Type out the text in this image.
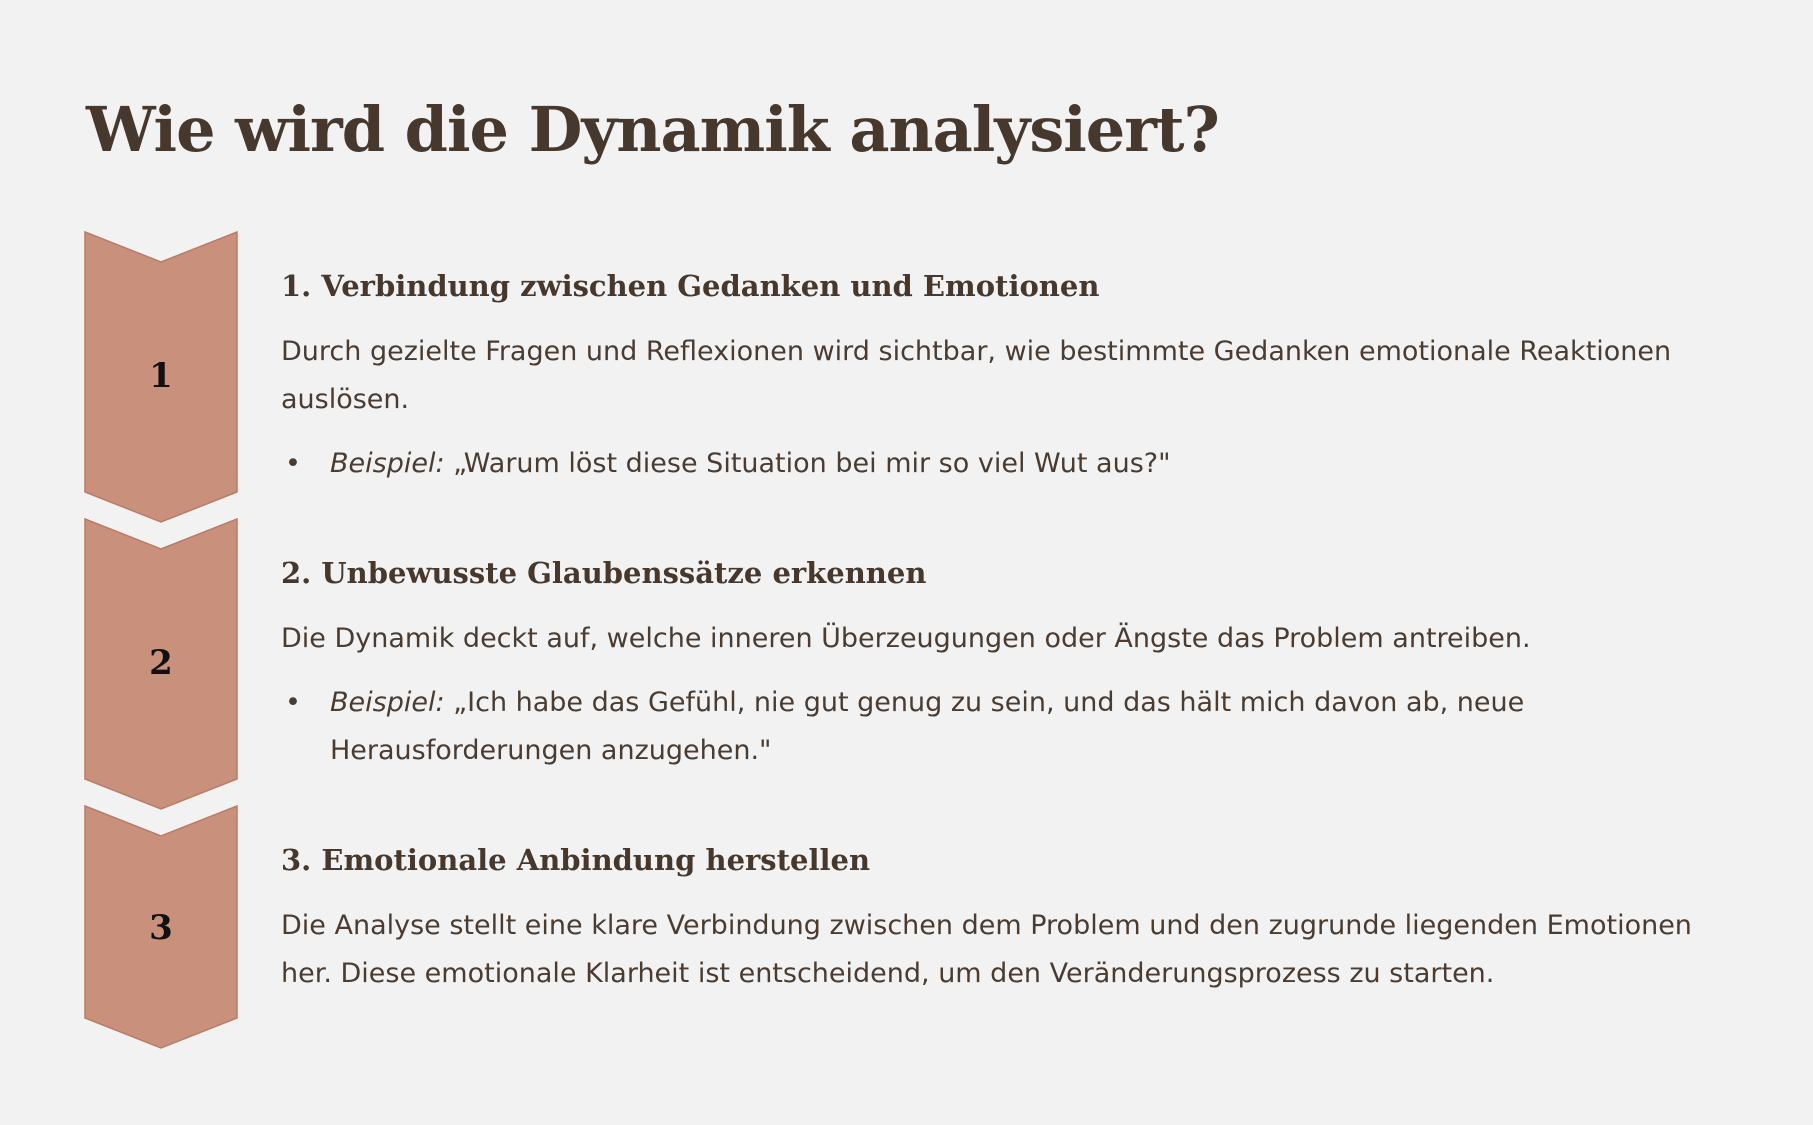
Wie wird die Dynamik analysiert?
1
2
3
1. Verbindung zwischen Gedanken und Emotionen

Durch gezielte Fragen und Reflexionen wird sichtbar, wie bestimmte Gedanken emotionale Reaktionen auslösen.

• Beispiel: „Warum löst diese Situation bei mir so viel Wut aus?"
2. Unbewusste Glaubenssätze erkennen

Die Dynamik deckt auf, welche inneren Überzeugungen oder Ängste das Problem antreiben.

• Beispiel: „Ich habe das Gefühl, nie gut genug zu sein, und das hält mich davon ab, neue Herausforderungen anzugehen."
3. Emotionale Anbindung herstellen

Die Analyse stellt eine klare Verbindung zwischen dem Problem und den zugrunde liegenden Emotionen her. Diese emotionale Klarheit ist entscheidend, um den Veränderungsprozess zu starten.
